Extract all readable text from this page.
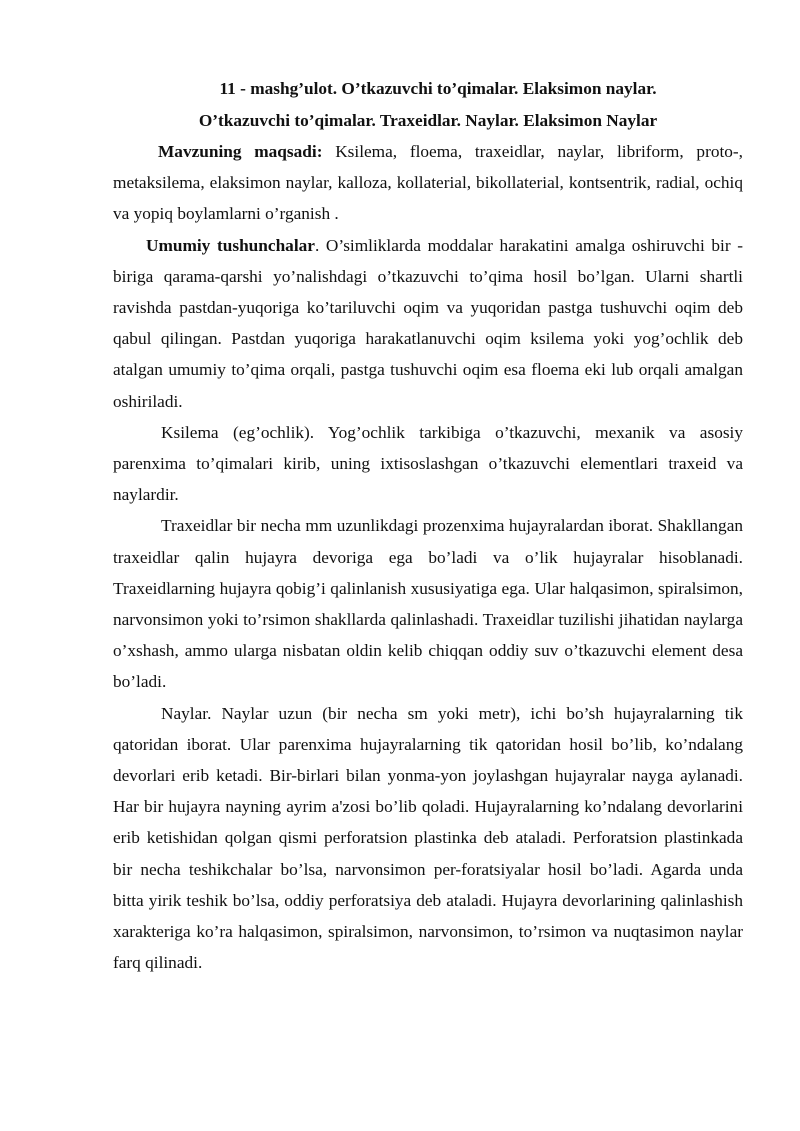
11 - mashg’ulot. O’tkazuvchi to’qimalar. Elaksimon naylar.

O’tkazuvchi to’qimalar. Traxeidlar. Naylar. Elaksimon Naylar

Mavzuning maqsadi: Ksilema, floema, traxeidlar, naylar, libriform, proto-, metaksilema, elaksimon naylar, kalloza, kollaterial, bikollaterial, kontsentrik, radial, ochiq va yopiq boylamlarni o’rganish .

Umumiy tushunchalar. O’simliklarda moddalar harakatini amalga oshiruvchi bir - biriga qarama-qarshi yo’nalishdagi o’tkazuvchi to’qima hosil bo’lgan. Ularni shartli ravishda pastdan-yuqoriga ko’tariluvchi oqim va yuqoridan pastga tushuvchi oqim deb qabul qilingan. Pastdan yuqoriga harakatlanuvchi oqim ksilema yoki yog’ochlik deb atalgan umumiy to’qima orqali, pastga tushuvchi oqim esa floema eki lub orqali amalgan oshiriladi.

Ksilema (eg’ochlik). Yog’ochlik tarkibiga o’tkazuvchi, mexanik va asosiy parenxima to’qimalari kirib, uning ixtisoslashgan o’tkazuvchi elementlari traxeid va naylardir.

Traxeidlar bir necha mm uzunlikdagi prozenxima hujayralardan iborat. Shakllangan traxeidlar qalin hujayra devoriga ega bo’ladi va o’lik hujayralar hisoblanadi. Traxeidlarning hujayra qobig’i qalinlanish xususiyatiga ega. Ular halqasimon, spiralsimon, narvonsimon yoki to’rsimon shakllarda qalinlashadi. Traxeidlar tuzilishi jihatidan naylarga o’xshash, ammo ularga nisbatan oldin kelib chiqqan oddiy suv o’tkazuvchi element desa bo’ladi.

Naylar. Naylar uzun (bir necha sm yoki metr), ichi bo’sh hujayralarning tik qatoridan iborat. Ular parenxima hujayralarning tik qatoridan hosil bo’lib, ko’ndalang devorlari erib ketadi. Bir-birlari bilan yonma-yon joylashgan hujayralar nayga aylanadi. Har bir hujayra nayning ayrim a'zosi bo’lib qoladi. Hujayralarning ko’ndalang devorlarini erib ketishidan qolgan qismi perforatsion plastinka deb ataladi. Perforatsion plastinkada bir necha teshikchalar bo’lsa, narvonsimon per-foratsiyalar hosil bo’ladi. Agarda unda bitta yirik teshik bo’lsa, oddiy perforatsiya deb ataladi. Hujayra devorlarining qalinlashish xarakteriga ko’ra halqasimon, spiralsimon, narvonsimon, to’rsimon va nuqtasimon naylar farq qilinadi.
